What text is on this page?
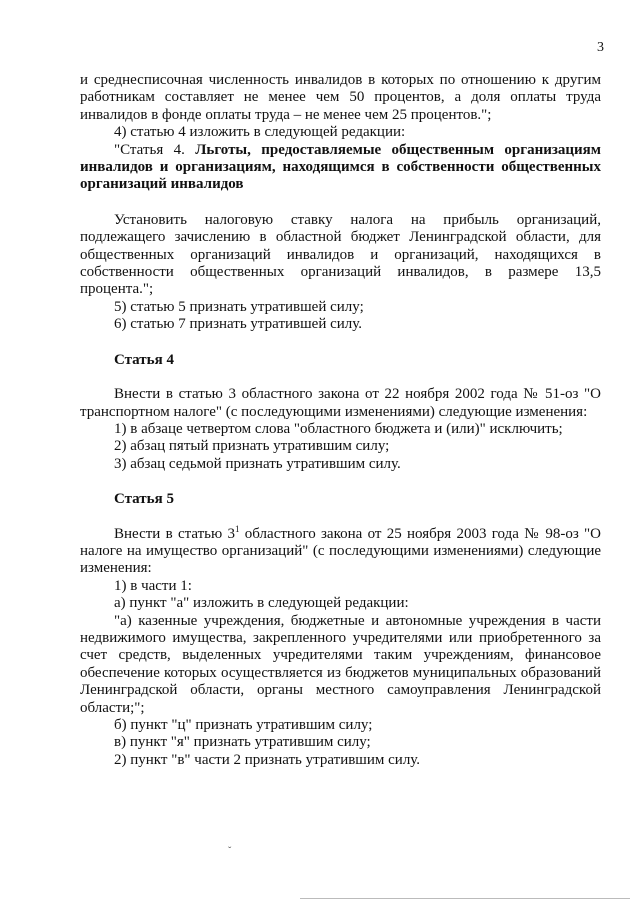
3

и среднесписочная численность инвалидов в которых по отношению к другим работникам составляет не менее чем 50 процентов, а доля оплаты труда инвалидов в фонде оплаты труда – не менее чем 25 процентов.";

4) статью 4 изложить в следующей редакции:

"Статья 4. Льготы, предоставляемые общественным организациям инвалидов и организациям, находящимся в собственности общественных организаций инвалидов

Установить налоговую ставку налога на прибыль организаций, подлежащего зачислению в областной бюджет Ленинградской области, для общественных организаций инвалидов и организаций, находящихся в собственности общественных организаций инвалидов, в размере 13,5 процента.";

5) статью 5 признать утратившей силу;

6) статью 7 признать утратившей силу.

Статья 4

Внести в статью 3 областного закона от 22 ноября 2002 года № 51-оз "О транспортном налоге" (с последующими изменениями) следующие изменения:

1) в абзаце четвертом слова "областного бюджета и (или)" исключить;

2) абзац пятый признать утратившим силу;

3) абзац седьмой признать утратившим силу.

Статья 5

Внести в статью $3^1$ областного закона от 25 ноября 2003 года № 98-оз "О налоге на имущество организаций" (с последующими изменениями) следующие изменения:

1) в части 1:

а) пункт "а" изложить в следующей редакции:

"а) казенные учреждения, бюджетные и автономные учреждения в части недвижимого имущества, закрепленного учредителями или приобретенного за счет средств, выделенных учредителями таким учреждениям, финансовое обеспечение которых осуществляется из бюджетов муниципальных образований Ленинградской области, органы местного самоуправления Ленинградской области;";

б) пункт "ц" признать утратившим силу;

в) пункт "я" признать утратившим силу;

2) пункт "в" части 2 признать утратившим силу.

ˇ
